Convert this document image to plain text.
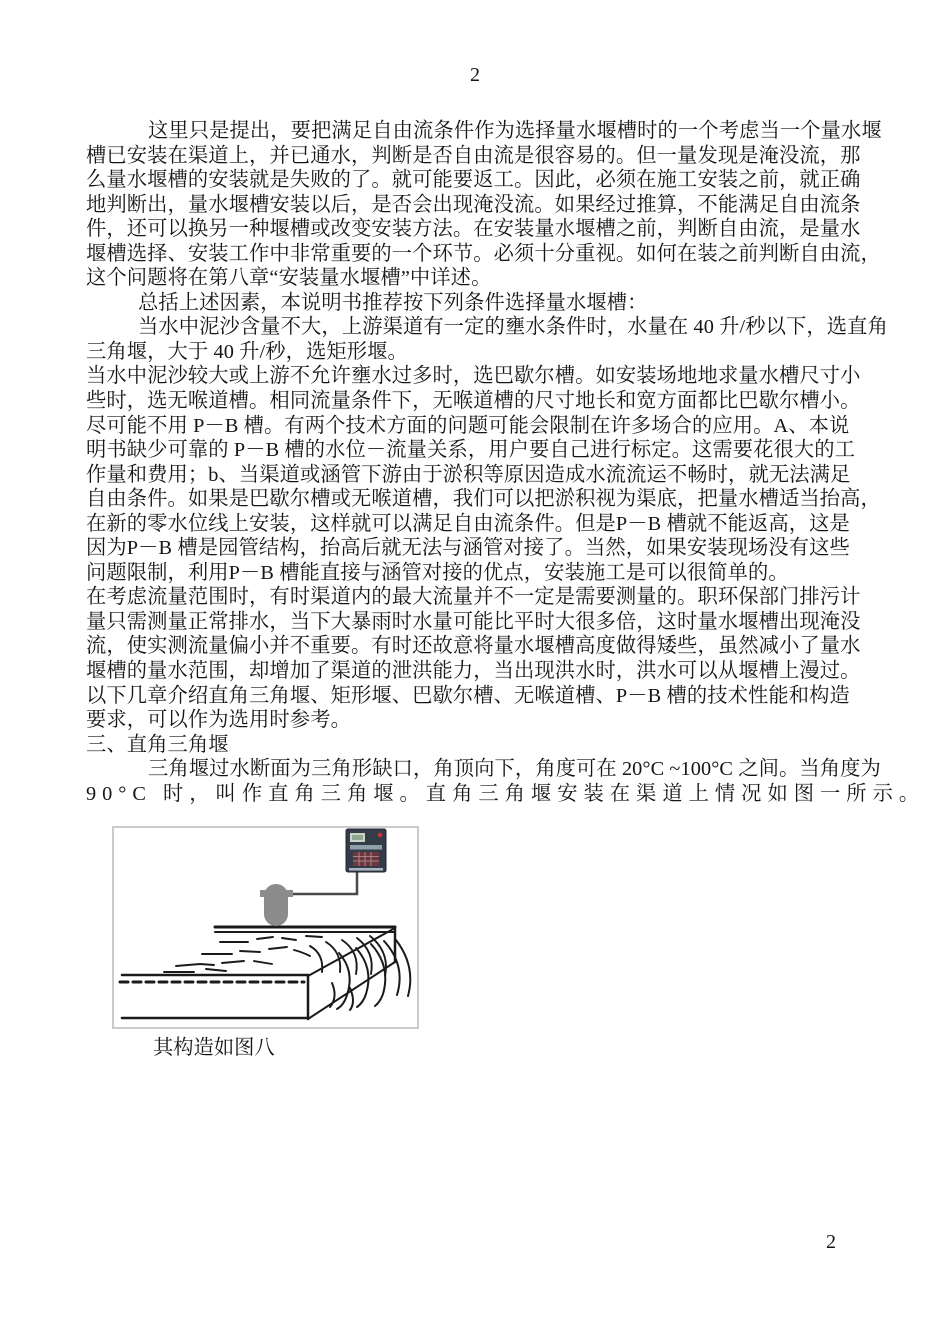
2
这里只是提出，要把满足自由流条件作为选择量水堰槽时的一个考虑当一个量水堰
槽已安装在渠道上，并已通水，判断是否自由流是很容易的。但一量发现是淹没流，那
么量水堰槽的安装就是失败的了。就可能要返工。因此，必须在施工安装之前，就正确
地判断出，量水堰槽安装以后，是否会出现淹没流。如果经过推算，不能满足自由流条
件，还可以换另一种堰槽或改变安装方法。在安装量水堰槽之前，判断自由流，是量水
堰槽选择、安装工作中非常重要的一个环节。必须十分重视。如何在装之前判断自由流，
这个问题将在第八章“安装量水堰槽”中详述。
总括上述因素，本说明书推荐按下列条件选择量水堰槽：
当水中泥沙含量不大，上游渠道有一定的壅水条件时，水量在 40 升/秒以下，选直角
三角堰，大于 40 升/秒，选矩形堰。
当水中泥沙较大或上游不允许壅水过多时，选巴歇尔槽。如安装场地地求量水槽尺寸小
些时，选无喉道槽。相同流量条件下，无喉道槽的尺寸地长和宽方面都比巴歇尔槽小。
尽可能不用 P－B 槽。有两个技术方面的问题可能会限制在许多场合的应用。A、本说
明书缺少可靠的 P－B 槽的水位－流量关系，用户要自己进行标定。这需要花很大的工
作量和费用；b、当渠道或涵管下游由于淤积等原因造成水流流运不畅时，就无法满足
自由条件。如果是巴歇尔槽或无喉道槽，我们可以把淤积视为渠底，把量水槽适当抬高，
在新的零水位线上安装，这样就可以满足自由流条件。但是P－B 槽就不能返高，这是
因为P－B 槽是园管结构，抬高后就无法与涵管对接了。当然，如果安装现场没有这些
问题限制，利用P－B 槽能直接与涵管对接的优点，安装施工是可以很简单的。
在考虑流量范围时，有时渠道内的最大流量并不一定是需要测量的。职环保部门排污计
量只需测量正常排水，当下大暴雨时水量可能比平时大很多倍，这时量水堰槽出现淹没
流，使实测流量偏小并不重要。有时还故意将量水堰槽高度做得矮些，虽然减小了量水
堰槽的量水范围，却增加了渠道的泄洪能力，当出现洪水时，洪水可以从堰槽上漫过。
以下几章介绍直角三角堰、矩形堰、巴歇尔槽、无喉道槽、P－B 槽的技术性能和构造
要求，可以作为选用时参考。
三、直角三角堰
三角堰过水断面为三角形缺口，角顶向下，角度可在 20°C ~100°C 之间。当角度为
90°C 时，叫作直角三角堰。直角三角堰安装在渠道上情况如图一所示。
其构造如图八
2
